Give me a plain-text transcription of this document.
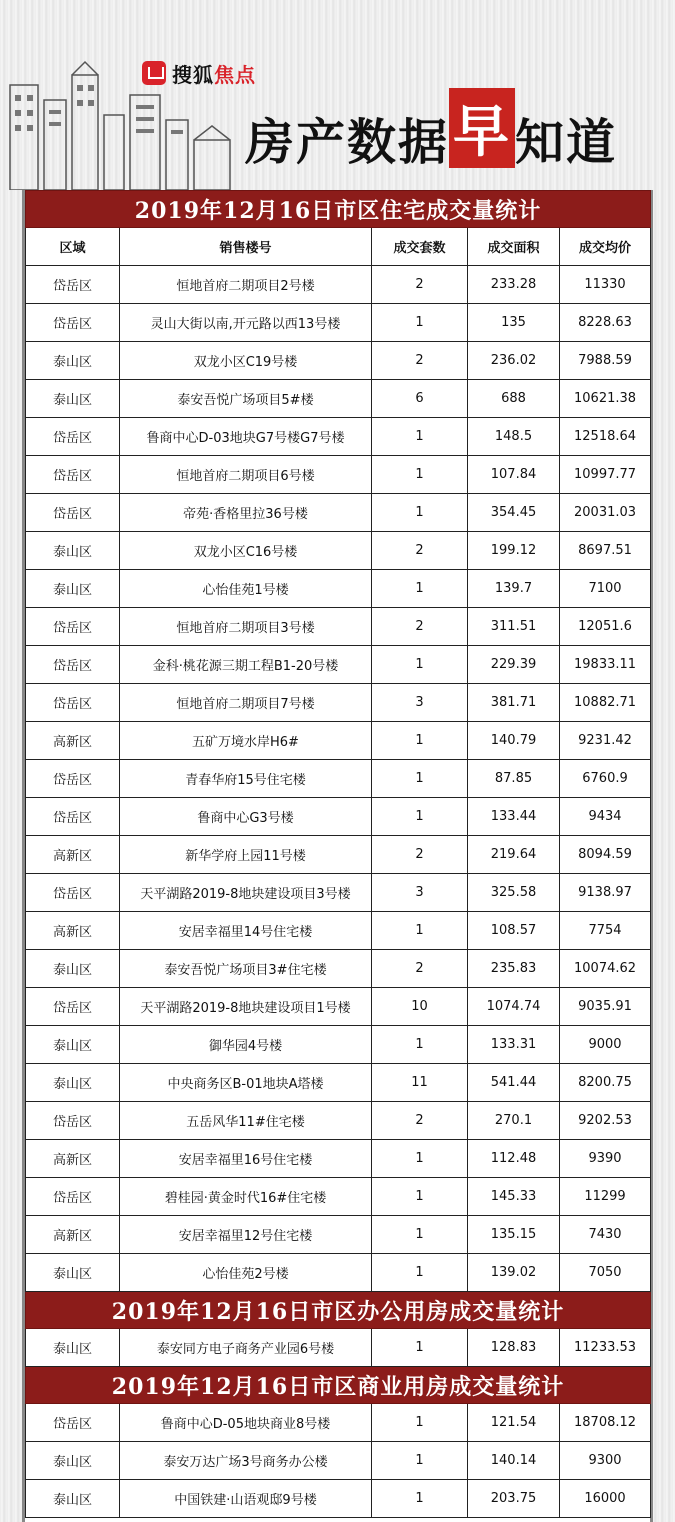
搜狐焦点
房产数据早知道
2019年12月16日市区住宅成交量统计				
区域	销售楼号	成交套数	成交面积	成交均价
岱岳区	恒地首府二期项目2号楼	2	233.28	11330
岱岳区	灵山大街以南,开元路以西13号楼	1	135	8228.63
泰山区	双龙小区C19号楼	2	236.02	7988.59
泰山区	泰安吾悦广场项目5#楼	6	688	10621.38
岱岳区	鲁商中心D-03地块G7号楼G7号楼	1	148.5	12518.64
岱岳区	恒地首府二期项目6号楼	1	107.84	10997.77
岱岳区	帝苑·香格里拉36号楼	1	354.45	20031.03
泰山区	双龙小区C16号楼	2	199.12	8697.51
泰山区	心怡佳苑1号楼	1	139.7	7100
岱岳区	恒地首府二期项目3号楼	2	311.51	12051.6
岱岳区	金科·桃花源三期工程B1-20号楼	1	229.39	19833.11
岱岳区	恒地首府二期项目7号楼	3	381.71	10882.71
高新区	五矿万境水岸H6#	1	140.79	9231.42
岱岳区	青春华府15号住宅楼	1	87.85	6760.9
岱岳区	鲁商中心G3号楼	1	133.44	9434
高新区	新华学府上园11号楼	2	219.64	8094.59
岱岳区	天平湖路2019-8地块建设项目3号楼	3	325.58	9138.97
高新区	安居幸福里14号住宅楼	1	108.57	7754
泰山区	泰安吾悦广场项目3#住宅楼	2	235.83	10074.62
岱岳区	天平湖路2019-8地块建设项目1号楼	10	1074.74	9035.91
泰山区	御华园4号楼	1	133.31	9000
泰山区	中央商务区B-01地块A塔楼	11	541.44	8200.75
岱岳区	五岳风华11#住宅楼	2	270.1	9202.53
高新区	安居幸福里16号住宅楼	1	112.48	9390
岱岳区	碧桂园·黄金时代16#住宅楼	1	145.33	11299
高新区	安居幸福里12号住宅楼	1	135.15	7430
泰山区	心怡佳苑2号楼	1	139.02	7050
2019年12月16日市区办公用房成交量统计				
泰山区	泰安同方电子商务产业园6号楼	1	128.83	11233.53
2019年12月16日市区商业用房成交量统计				
岱岳区	鲁商中心D-05地块商业8号楼	1	121.54	18708.12
泰山区	泰安万达广场3号商务办公楼	1	140.14	9300
泰山区	中国铁建·山语观邸9号楼	1	203.75	16000
